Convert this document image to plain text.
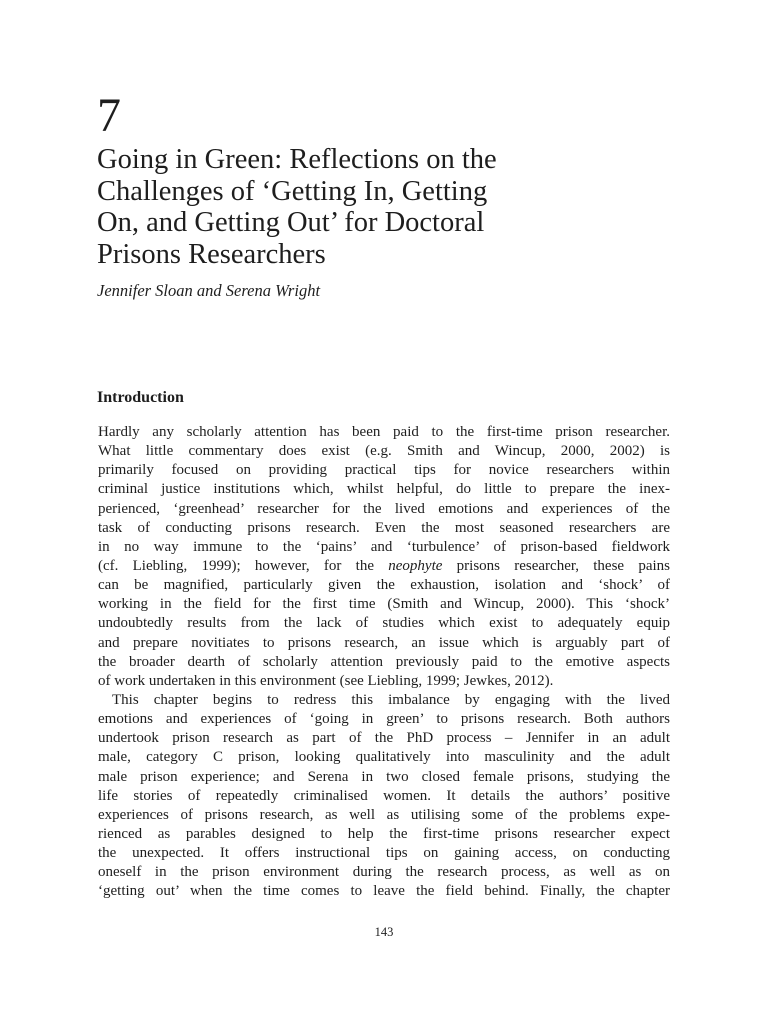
7
Going in Green: Reflections on the
Challenges of ‘Getting In, Getting
On, and Getting Out’ for Doctoral
Prisons Researchers

Jennifer Sloan and Serena Wright

Introduction
Hardly any scholarly attention has been paid to the first-time prison researcher.
What little commentary does exist (e.g. Smith and Wincup, 2000, 2002) is
primarily focused on providing practical tips for novice researchers within
criminal justice institutions which, whilst helpful, do little to prepare the inex-
perienced, ‘greenhead’ researcher for the lived emotions and experiences of the
task of conducting prisons research. Even the most seasoned researchers are
in no way immune to the ‘pains’ and ‘turbulence’ of prison-based fieldwork
(cf. Liebling, 1999); however, for the neophyte prisons researcher, these pains
can be magnified, particularly given the exhaustion, isolation and ‘shock’ of
working in the field for the first time (Smith and Wincup, 2000). This ‘shock’
undoubtedly results from the lack of studies which exist to adequately equip
and prepare novitiates to prisons research, an issue which is arguably part of
the broader dearth of scholarly attention previously paid to the emotive aspects
of work undertaken in this environment (see Liebling, 1999; Jewkes, 2012).
This chapter begins to redress this imbalance by engaging with the lived
emotions and experiences of ‘going in green’ to prisons research. Both authors
undertook prison research as part of the PhD process – Jennifer in an adult
male, category C prison, looking qualitatively into masculinity and the adult
male prison experience; and Serena in two closed female prisons, studying the
life stories of repeatedly criminalised women. It details the authors’ positive
experiences of prisons research, as well as utilising some of the problems expe-
rienced as parables designed to help the first-time prisons researcher expect
the unexpected. It offers instructional tips on gaining access, on conducting
oneself in the prison environment during the research process, as well as on
‘getting out’ when the time comes to leave the field behind. Finally, the chapter

143
